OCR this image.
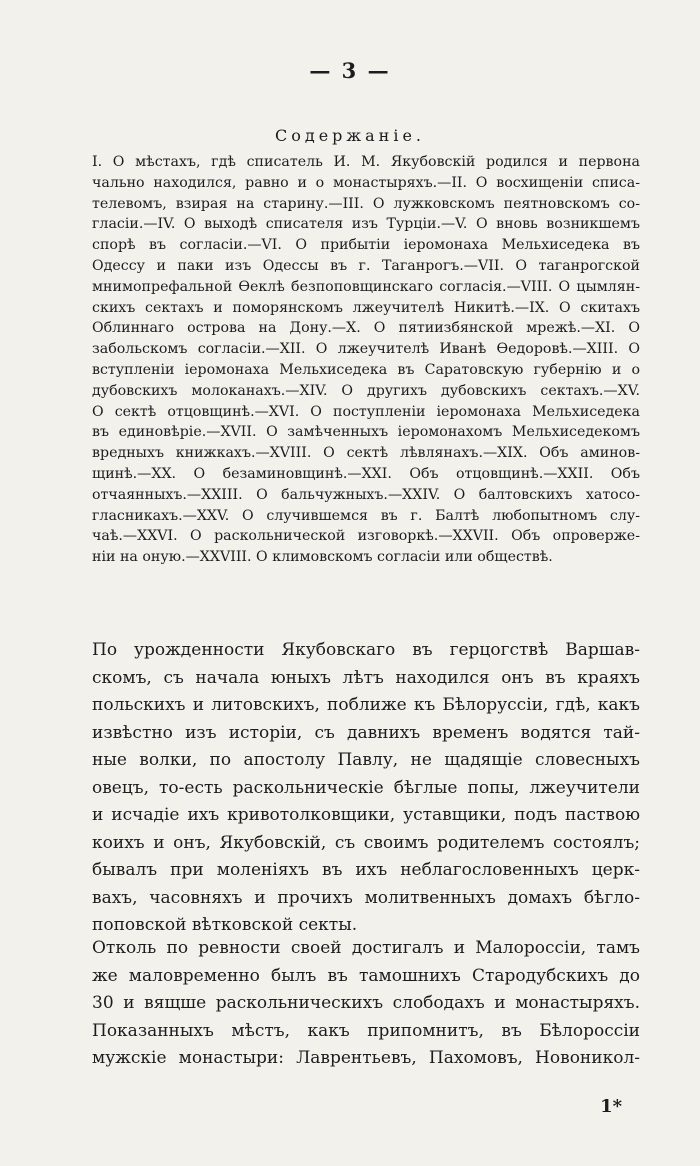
— 3 —
Содержаніе.
I. О мѣстахъ, гдѣ списатель И. М. Якубовскій родился и первона
чально находился, равно и о монастыряхъ.—II. О восхищеніи списа-
телевомъ, взирая на старину.—III. О лужковскомъ пеятновскомъ со-
гласіи.—IV. О выходѣ списателя изъ Турціи.—V. О вновь возникшемъ
спорѣ въ согласіи.—VI. О прибытіи іеромонаха Мельхиседека въ
Одессу и паки изъ Одессы въ г. Таганрогъ.—VII. О таганрогской
мнимопрефальной Ѳеклѣ безпоповщинскаго согласія.—VIII. О цымлян-
скихъ сектахъ и поморянскомъ лжеучителѣ Никитѣ.—IX. О скитахъ
Облиннаго острова на Дону.—X. О пятиизбянской мрежѣ.—XI. О
забольскомъ согласіи.—XII. О лжеучителѣ Иванѣ Ѳедоровѣ.—XIII. О
вступленіи іеромонаха Мельхиседека въ Саратовскую губернію и о
дубовскихъ молоканахъ.—XIV. О другихъ дубовскихъ сектахъ.—XV.
О сектѣ отцовщинѣ.—XVI. О поступленіи іеромонаха Мельхиседека
въ единовѣріе.—XVII. О замѣченныхъ іеромонахомъ Мельхиседекомъ
вредныхъ книжкахъ.—XVIII. О сектѣ лѣвлянахъ.—XIX. Объ аминов-
щинѣ.—XX. О безаминовщинѣ.—XXI. Объ отцовщинѣ.—XXII. Объ
отчаянныхъ.—XXIII. О бальчужныхъ.—XXIV. О балтовскихъ хатосо-
гласникахъ.—XXV. О случившемся въ г. Балтѣ любопытномъ слу-
чаѣ.—XXVI. О раскольнической изговоркѣ.—XXVII. Объ опроверже-
ніи на оную.—XXVIII. О климовскомъ согласіи или обществѣ.
По урожденности Якубовскаго въ герцогствѣ Варшав-
скомъ, съ начала юныхъ лѣтъ находился онъ въ краяхъ
польскихъ и литовскихъ, поближе къ Бѣлоруссіи, гдѣ, какъ
извѣстно изъ исторіи, съ давнихъ временъ водятся тай-
ные волки, по апостолу Павлу, не щадящіе словесныхъ
овецъ, то-есть раскольническіе бѣглые попы, лжеучители
и исчадіе ихъ кривотолковщики, уставщики, подъ паствою
коихъ и онъ, Якубовскій, съ своимъ родителемъ состоялъ;
бывалъ при моленіяхъ въ ихъ неблагословенныхъ церк-
вахъ, часовняхъ и прочихъ молитвенныхъ домахъ бѣгло-
поповской вѣтковской секты.
Отколь по ревности своей достигалъ и Малороссіи, тамъ
же маловременно былъ въ тамошнихъ Стародубскихъ до
30 и вящше раскольническихъ слободахъ и монастыряхъ.
Показанныхъ мѣстъ, какъ припомнитъ, въ Бѣлороссіи
мужскіе монастыри: Лаврентьевъ, Пахомовъ, Новоникол-
1*
